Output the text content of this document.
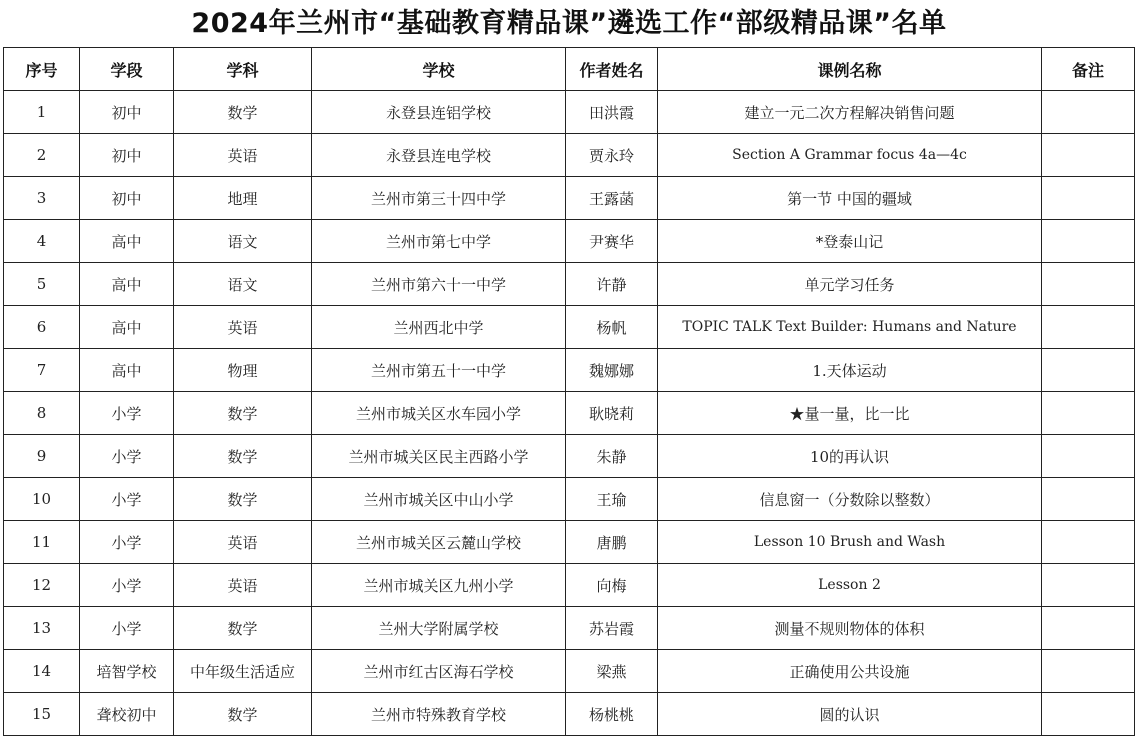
2024年兰州市“基础教育精品课”遴选工作“部级精品课”名单
序号	学段	学科	学校	作者姓名	课例名称	备注
1	初中	数学	永登县连铝学校	田洪霞	建立一元二次方程解决销售问题	
2	初中	英语	永登县连电学校	贾永玲	Section A Grammar focus 4a—4c	
3	初中	地理	兰州市第三十四中学	王露菡	第一节 中国的疆域	
4	高中	语文	兰州市第七中学	尹赛华	*登泰山记	
5	高中	语文	兰州市第六十一中学	许静	单元学习任务	
6	高中	英语	兰州西北中学	杨帆	TOPIC TALK Text Builder: Humans and Nature	
7	高中	物理	兰州市第五十一中学	魏娜娜	1.天体运动	
8	小学	数学	兰州市城关区水车园小学	耿晓莉	★量一量，比一比	
9	小学	数学	兰州市城关区民主西路小学	朱静	10的再认识	
10	小学	数学	兰州市城关区中山小学	王瑜	信息窗一（分数除以整数）	
11	小学	英语	兰州市城关区云麓山学校	唐鹏	Lesson 10 Brush and Wash	
12	小学	英语	兰州市城关区九州小学	向梅	Lesson 2	
13	小学	数学	兰州大学附属学校	苏岩霞	测量不规则物体的体积	
14	培智学校	中年级生活适应	兰州市红古区海石学校	梁燕	正确使用公共设施	
15	聋校初中	数学	兰州市特殊教育学校	杨桃桃	圆的认识	
